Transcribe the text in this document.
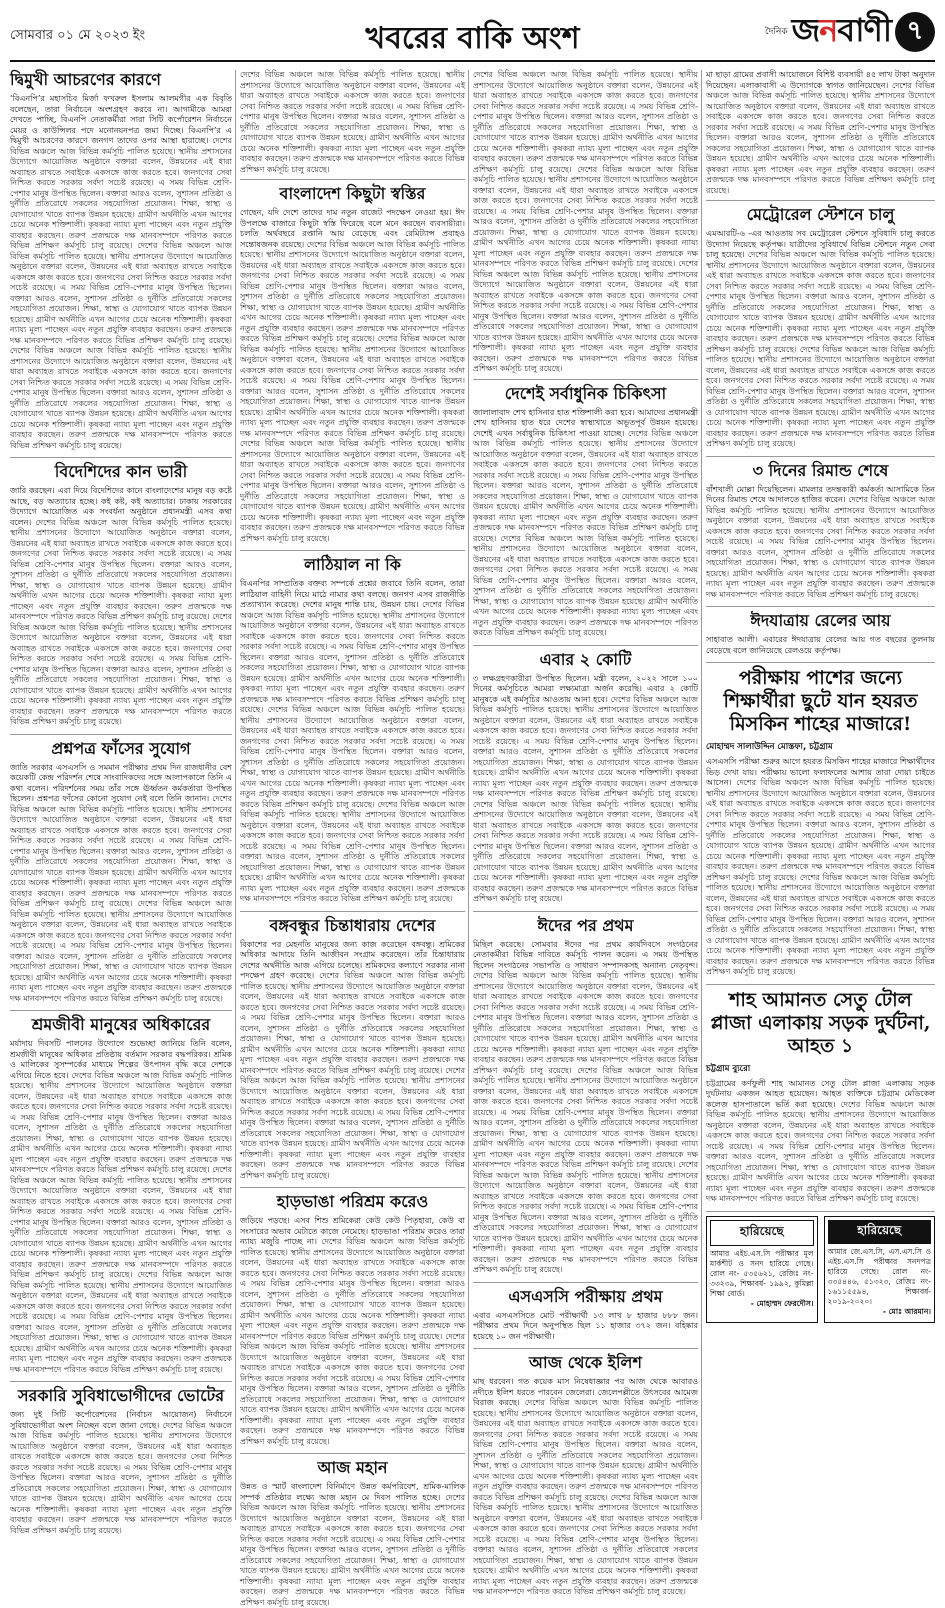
সোমবার ০১ মে ২০২৩ ইং	খবরের বাকি অংশ	দৈনিক জনবাণী ৭
দ্বিমুখী আচরণের কারণে
‘বিএনপি’র মহাসচিব মির্জা ফখরুল ইসলাম আলমগীর এক বিবৃতি বলেছেন, তারা নির্বাচনে অংশগ্রহণ করবে না। আগামীকে আমরা দেখতে পাচ্ছি, বিএনপি নেতাকর্মীরা সারা সিটি কর্পোরেশন নির্বাচনে মেয়র ও কাউন্সিলর পদে মনোনয়নপত্র জমা দিচ্ছে। বিএনপি’র এ দ্বিমুখী আচরণের কারণে জনগণ তাদের ওপর আস্থা হারাচ্ছে। দেশের বিভিন্ন অঞ্চলে আজ বিভিন্ন কর্মসূচি পালিত হয়েছে। স্থানীয় প্রশাসনের উদ্যোগে আয়োজিত অনুষ্ঠানে বক্তারা বলেন, উন্নয়নের এই ধারা অব্যাহত রাখতে সবাইকে একসঙ্গে কাজ করতে হবে। জনগণের সেবা নিশ্চিত করতে সরকার সর্বদা সচেষ্ট রয়েছে। এ সময় বিভিন্ন শ্রেণি-পেশার মানুষ উপস্থিত ছিলেন। বক্তারা আরও বলেন, সুশাসন প্রতিষ্ঠা ও দুর্নীতি প্রতিরোধে সকলের সহযোগিতা প্রয়োজন। শিক্ষা, স্বাস্থ্য ও যোগাযোগ খাতে ব্যাপক উন্নয়ন হয়েছে। গ্রামীণ অর্থনীতি এখন আগের চেয়ে অনেক শক্তিশালী। কৃষকরা ন্যায্য মূল্য পাচ্ছেন এবং নতুন প্রযুক্তি ব্যবহার করছেন। তরুণ প্রজন্মকে দক্ষ মানবসম্পদে পরিণত করতে বিভিন্ন প্রশিক্ষণ কর্মসূচি চালু রয়েছে। দেশের বিভিন্ন অঞ্চলে আজ বিভিন্ন কর্মসূচি পালিত হয়েছে। স্থানীয় প্রশাসনের উদ্যোগে আয়োজিত অনুষ্ঠানে বক্তারা বলেন, উন্নয়নের এই ধারা অব্যাহত রাখতে সবাইকে একসঙ্গে কাজ করতে হবে। জনগণের সেবা নিশ্চিত করতে সরকার সর্বদা সচেষ্ট রয়েছে। এ সময় বিভিন্ন শ্রেণি-পেশার মানুষ উপস্থিত ছিলেন। বক্তারা আরও বলেন, সুশাসন প্রতিষ্ঠা ও দুর্নীতি প্রতিরোধে সকলের সহযোগিতা প্রয়োজন। শিক্ষা, স্বাস্থ্য ও যোগাযোগ খাতে ব্যাপক উন্নয়ন হয়েছে। গ্রামীণ অর্থনীতি এখন আগের চেয়ে অনেক শক্তিশালী। কৃষকরা ন্যায্য মূল্য পাচ্ছেন এবং নতুন প্রযুক্তি ব্যবহার করছেন। তরুণ প্রজন্মকে দক্ষ মানবসম্পদে পরিণত করতে বিভিন্ন প্রশিক্ষণ কর্মসূচি চালু রয়েছে। দেশের বিভিন্ন অঞ্চলে আজ বিভিন্ন কর্মসূচি পালিত হয়েছে। স্থানীয় প্রশাসনের উদ্যোগে আয়োজিত অনুষ্ঠানে বক্তারা বলেন, উন্নয়নের এই ধারা অব্যাহত রাখতে সবাইকে একসঙ্গে কাজ করতে হবে। জনগণের সেবা নিশ্চিত করতে সরকার সর্বদা সচেষ্ট রয়েছে। এ সময় বিভিন্ন শ্রেণি-পেশার মানুষ উপস্থিত ছিলেন। বক্তারা আরও বলেন, সুশাসন প্রতিষ্ঠা ও দুর্নীতি প্রতিরোধে সকলের সহযোগিতা প্রয়োজন। শিক্ষা, স্বাস্থ্য ও যোগাযোগ খাতে ব্যাপক উন্নয়ন হয়েছে। গ্রামীণ অর্থনীতি এখন আগের চেয়ে অনেক শক্তিশালী। কৃষকরা ন্যায্য মূল্য পাচ্ছেন এবং নতুন প্রযুক্তি ব্যবহার করছেন। তরুণ প্রজন্মকে দক্ষ মানবসম্পদে পরিণত করতে বিভিন্ন প্রশিক্ষণ কর্মসূচি চালু রয়েছে।
বিদেশিদের কান ভারী
জারি করছেন। এরা দিয়ে বিদেশিদের কানে বাংলাদেশের মানুষ বড় কষ্টে আছে, বড় অত্যাচার হচ্ছে। কই কষ্ট, কই অত্যাচার। ঢাকায় সরকারের উদ্যোগে আয়োজিত এক সংবর্ধনা অনুষ্ঠানে প্রধানমন্ত্রী এসব কথা বলেন। দেশের বিভিন্ন অঞ্চলে আজ বিভিন্ন কর্মসূচি পালিত হয়েছে। স্থানীয় প্রশাসনের উদ্যোগে আয়োজিত অনুষ্ঠানে বক্তারা বলেন, উন্নয়নের এই ধারা অব্যাহত রাখতে সবাইকে একসঙ্গে কাজ করতে হবে। জনগণের সেবা নিশ্চিত করতে সরকার সর্বদা সচেষ্ট রয়েছে। এ সময় বিভিন্ন শ্রেণি-পেশার মানুষ উপস্থিত ছিলেন। বক্তারা আরও বলেন, সুশাসন প্রতিষ্ঠা ও দুর্নীতি প্রতিরোধে সকলের সহযোগিতা প্রয়োজন। শিক্ষা, স্বাস্থ্য ও যোগাযোগ খাতে ব্যাপক উন্নয়ন হয়েছে। গ্রামীণ অর্থনীতি এখন আগের চেয়ে অনেক শক্তিশালী। কৃষকরা ন্যায্য মূল্য পাচ্ছেন এবং নতুন প্রযুক্তি ব্যবহার করছেন। তরুণ প্রজন্মকে দক্ষ মানবসম্পদে পরিণত করতে বিভিন্ন প্রশিক্ষণ কর্মসূচি চালু রয়েছে। দেশের বিভিন্ন অঞ্চলে আজ বিভিন্ন কর্মসূচি পালিত হয়েছে। স্থানীয় প্রশাসনের উদ্যোগে আয়োজিত অনুষ্ঠানে বক্তারা বলেন, উন্নয়নের এই ধারা অব্যাহত রাখতে সবাইকে একসঙ্গে কাজ করতে হবে। জনগণের সেবা নিশ্চিত করতে সরকার সর্বদা সচেষ্ট রয়েছে। এ সময় বিভিন্ন শ্রেণি-পেশার মানুষ উপস্থিত ছিলেন। বক্তারা আরও বলেন, সুশাসন প্রতিষ্ঠা ও দুর্নীতি প্রতিরোধে সকলের সহযোগিতা প্রয়োজন। শিক্ষা, স্বাস্থ্য ও যোগাযোগ খাতে ব্যাপক উন্নয়ন হয়েছে। গ্রামীণ অর্থনীতি এখন আগের চেয়ে অনেক শক্তিশালী। কৃষকরা ন্যায্য মূল্য পাচ্ছেন এবং নতুন প্রযুক্তি ব্যবহার করছেন। তরুণ প্রজন্মকে দক্ষ মানবসম্পদে পরিণত করতে বিভিন্ন প্রশিক্ষণ কর্মসূচি চালু রয়েছে।
প্রশ্নপত্র ফাঁসের সুযোগ
জাতি সরকার এসএসসি ও সমমান পরীক্ষার প্রথম দিন রাজধানীর বেশ কয়েকটি কেন্দ্র পরিদর্শন শেষে সাংবাদিকদের সঙ্গে আলাপকালে তিনি এ কথা বলেন। পরিদর্শনের সময় তাঁর সঙ্গে ঊর্ধ্বতন কর্মকর্তারা উপস্থিত ছিলেন। প্রশ্নপত্র ফাঁসের কোনো সুযোগ নেই বলে তিনি জানান। দেশের বিভিন্ন অঞ্চলে আজ বিভিন্ন কর্মসূচি পালিত হয়েছে। স্থানীয় প্রশাসনের উদ্যোগে আয়োজিত অনুষ্ঠানে বক্তারা বলেন, উন্নয়নের এই ধারা অব্যাহত রাখতে সবাইকে একসঙ্গে কাজ করতে হবে। জনগণের সেবা নিশ্চিত করতে সরকার সর্বদা সচেষ্ট রয়েছে। এ সময় বিভিন্ন শ্রেণি-পেশার মানুষ উপস্থিত ছিলেন। বক্তারা আরও বলেন, সুশাসন প্রতিষ্ঠা ও দুর্নীতি প্রতিরোধে সকলের সহযোগিতা প্রয়োজন। শিক্ষা, স্বাস্থ্য ও যোগাযোগ খাতে ব্যাপক উন্নয়ন হয়েছে। গ্রামীণ অর্থনীতি এখন আগের চেয়ে অনেক শক্তিশালী। কৃষকরা ন্যায্য মূল্য পাচ্ছেন এবং নতুন প্রযুক্তি ব্যবহার করছেন। তরুণ প্রজন্মকে দক্ষ মানবসম্পদে পরিণত করতে বিভিন্ন প্রশিক্ষণ কর্মসূচি চালু রয়েছে। দেশের বিভিন্ন অঞ্চলে আজ বিভিন্ন কর্মসূচি পালিত হয়েছে। স্থানীয় প্রশাসনের উদ্যোগে আয়োজিত অনুষ্ঠানে বক্তারা বলেন, উন্নয়নের এই ধারা অব্যাহত রাখতে সবাইকে একসঙ্গে কাজ করতে হবে। জনগণের সেবা নিশ্চিত করতে সরকার সর্বদা সচেষ্ট রয়েছে। এ সময় বিভিন্ন শ্রেণি-পেশার মানুষ উপস্থিত ছিলেন। বক্তারা আরও বলেন, সুশাসন প্রতিষ্ঠা ও দুর্নীতি প্রতিরোধে সকলের সহযোগিতা প্রয়োজন। শিক্ষা, স্বাস্থ্য ও যোগাযোগ খাতে ব্যাপক উন্নয়ন হয়েছে। গ্রামীণ অর্থনীতি এখন আগের চেয়ে অনেক শক্তিশালী। কৃষকরা ন্যায্য মূল্য পাচ্ছেন এবং নতুন প্রযুক্তি ব্যবহার করছেন। তরুণ প্রজন্মকে দক্ষ মানবসম্পদে পরিণত করতে বিভিন্ন প্রশিক্ষণ কর্মসূচি চালু রয়েছে।
শ্রমজীবী মানুষের অধিকারের
মর্যাদায় দিবসটি পালনের উদ্যোগে শুভেচ্ছা জানিয়ে তিনি বলেন, শ্রমজীবী মানুষের অধিকার প্রতিষ্ঠায় বর্তমান সরকার বদ্ধপরিকর। শ্রমিক ও মালিকের সুসম্পর্কের মাধ্যমে শিল্পের উৎপাদন বৃদ্ধি করে দেশকে এগিয়ে নিতে হবে। দেশের বিভিন্ন অঞ্চলে আজ বিভিন্ন কর্মসূচি পালিত হয়েছে। স্থানীয় প্রশাসনের উদ্যোগে আয়োজিত অনুষ্ঠানে বক্তারা বলেন, উন্নয়নের এই ধারা অব্যাহত রাখতে সবাইকে একসঙ্গে কাজ করতে হবে। জনগণের সেবা নিশ্চিত করতে সরকার সর্বদা সচেষ্ট রয়েছে। এ সময় বিভিন্ন শ্রেণি-পেশার মানুষ উপস্থিত ছিলেন। বক্তারা আরও বলেন, সুশাসন প্রতিষ্ঠা ও দুর্নীতি প্রতিরোধে সকলের সহযোগিতা প্রয়োজন। শিক্ষা, স্বাস্থ্য ও যোগাযোগ খাতে ব্যাপক উন্নয়ন হয়েছে। গ্রামীণ অর্থনীতি এখন আগের চেয়ে অনেক শক্তিশালী। কৃষকরা ন্যায্য মূল্য পাচ্ছেন এবং নতুন প্রযুক্তি ব্যবহার করছেন। তরুণ প্রজন্মকে দক্ষ মানবসম্পদে পরিণত করতে বিভিন্ন প্রশিক্ষণ কর্মসূচি চালু রয়েছে। দেশের বিভিন্ন অঞ্চলে আজ বিভিন্ন কর্মসূচি পালিত হয়েছে। স্থানীয় প্রশাসনের উদ্যোগে আয়োজিত অনুষ্ঠানে বক্তারা বলেন, উন্নয়নের এই ধারা অব্যাহত রাখতে সবাইকে একসঙ্গে কাজ করতে হবে। জনগণের সেবা নিশ্চিত করতে সরকার সর্বদা সচেষ্ট রয়েছে। এ সময় বিভিন্ন শ্রেণি-পেশার মানুষ উপস্থিত ছিলেন। বক্তারা আরও বলেন, সুশাসন প্রতিষ্ঠা ও দুর্নীতি প্রতিরোধে সকলের সহযোগিতা প্রয়োজন। শিক্ষা, স্বাস্থ্য ও যোগাযোগ খাতে ব্যাপক উন্নয়ন হয়েছে। গ্রামীণ অর্থনীতি এখন আগের চেয়ে অনেক শক্তিশালী। কৃষকরা ন্যায্য মূল্য পাচ্ছেন এবং নতুন প্রযুক্তি ব্যবহার করছেন। তরুণ প্রজন্মকে দক্ষ মানবসম্পদে পরিণত করতে বিভিন্ন প্রশিক্ষণ কর্মসূচি চালু রয়েছে। দেশের বিভিন্ন অঞ্চলে আজ বিভিন্ন কর্মসূচি পালিত হয়েছে। স্থানীয় প্রশাসনের উদ্যোগে আয়োজিত অনুষ্ঠানে বক্তারা বলেন, উন্নয়নের এই ধারা অব্যাহত রাখতে সবাইকে একসঙ্গে কাজ করতে হবে। জনগণের সেবা নিশ্চিত করতে সরকার সর্বদা সচেষ্ট রয়েছে। এ সময় বিভিন্ন শ্রেণি-পেশার মানুষ উপস্থিত ছিলেন। বক্তারা আরও বলেন, সুশাসন প্রতিষ্ঠা ও দুর্নীতি প্রতিরোধে সকলের সহযোগিতা প্রয়োজন। শিক্ষা, স্বাস্থ্য ও যোগাযোগ খাতে ব্যাপক উন্নয়ন হয়েছে। গ্রামীণ অর্থনীতি এখন আগের চেয়ে অনেক শক্তিশালী। কৃষকরা ন্যায্য মূল্য পাচ্ছেন এবং নতুন প্রযুক্তি ব্যবহার করছেন। তরুণ প্রজন্মকে দক্ষ মানবসম্পদে পরিণত করতে বিভিন্ন প্রশিক্ষণ কর্মসূচি চালু রয়েছে।
সরকারি সুবিধাভোগীদের ভোটের
জন্য দুই সিটি কর্পোরেশনের (নির্বাচন আয়োজন) নির্বাচনে সুবিধাভোগীরা অংশ নিচ্ছেন বলে জানা গেছে। দেশের বিভিন্ন অঞ্চলে আজ বিভিন্ন কর্মসূচি পালিত হয়েছে। স্থানীয় প্রশাসনের উদ্যোগে আয়োজিত অনুষ্ঠানে বক্তারা বলেন, উন্নয়নের এই ধারা অব্যাহত রাখতে সবাইকে একসঙ্গে কাজ করতে হবে। জনগণের সেবা নিশ্চিত করতে সরকার সর্বদা সচেষ্ট রয়েছে। এ সময় বিভিন্ন শ্রেণি-পেশার মানুষ উপস্থিত ছিলেন। বক্তারা আরও বলেন, সুশাসন প্রতিষ্ঠা ও দুর্নীতি প্রতিরোধে সকলের সহযোগিতা প্রয়োজন। শিক্ষা, স্বাস্থ্য ও যোগাযোগ খাতে ব্যাপক উন্নয়ন হয়েছে। গ্রামীণ অর্থনীতি এখন আগের চেয়ে অনেক শক্তিশালী। কৃষকরা ন্যায্য মূল্য পাচ্ছেন এবং নতুন প্রযুক্তি ব্যবহার করছেন। তরুণ প্রজন্মকে দক্ষ মানবসম্পদে পরিণত করতে বিভিন্ন প্রশিক্ষণ কর্মসূচি চালু রয়েছে।
দেশের বিভিন্ন অঞ্চলে আজ বিভিন্ন কর্মসূচি পালিত হয়েছে। স্থানীয় প্রশাসনের উদ্যোগে আয়োজিত অনুষ্ঠানে বক্তারা বলেন, উন্নয়নের এই ধারা অব্যাহত রাখতে সবাইকে একসঙ্গে কাজ করতে হবে। জনগণের সেবা নিশ্চিত করতে সরকার সর্বদা সচেষ্ট রয়েছে। এ সময় বিভিন্ন শ্রেণি-পেশার মানুষ উপস্থিত ছিলেন। বক্তারা আরও বলেন, সুশাসন প্রতিষ্ঠা ও দুর্নীতি প্রতিরোধে সকলের সহযোগিতা প্রয়োজন। শিক্ষা, স্বাস্থ্য ও যোগাযোগ খাতে ব্যাপক উন্নয়ন হয়েছে। গ্রামীণ অর্থনীতি এখন আগের চেয়ে অনেক শক্তিশালী। কৃষকরা ন্যায্য মূল্য পাচ্ছেন এবং নতুন প্রযুক্তি ব্যবহার করছেন। তরুণ প্রজন্মকে দক্ষ মানবসম্পদে পরিণত করতে বিভিন্ন প্রশিক্ষণ কর্মসূচি চালু রয়েছে।
বাংলাদেশ কিছুটা স্বস্তির
গেছেন, যদি দেশে তাদের দাম নতুন বাজেট পদক্ষেপ নেওয়া হয়। ঈদ উপলক্ষে বাজারে কিছুটা স্বস্তি ফিরেছে বলে মনে করছেন ব্যবসায়ীরা। চলতি অর্থবছরে রপ্তানি আয় বেড়েছে এবং রেমিট্যান্স প্রবাহও সন্তোষজনক রয়েছে। দেশের বিভিন্ন অঞ্চলে আজ বিভিন্ন কর্মসূচি পালিত হয়েছে। স্থানীয় প্রশাসনের উদ্যোগে আয়োজিত অনুষ্ঠানে বক্তারা বলেন, উন্নয়নের এই ধারা অব্যাহত রাখতে সবাইকে একসঙ্গে কাজ করতে হবে। জনগণের সেবা নিশ্চিত করতে সরকার সর্বদা সচেষ্ট রয়েছে। এ সময় বিভিন্ন শ্রেণি-পেশার মানুষ উপস্থিত ছিলেন। বক্তারা আরও বলেন, সুশাসন প্রতিষ্ঠা ও দুর্নীতি প্রতিরোধে সকলের সহযোগিতা প্রয়োজন। শিক্ষা, স্বাস্থ্য ও যোগাযোগ খাতে ব্যাপক উন্নয়ন হয়েছে। গ্রামীণ অর্থনীতি এখন আগের চেয়ে অনেক শক্তিশালী। কৃষকরা ন্যায্য মূল্য পাচ্ছেন এবং নতুন প্রযুক্তি ব্যবহার করছেন। তরুণ প্রজন্মকে দক্ষ মানবসম্পদে পরিণত করতে বিভিন্ন প্রশিক্ষণ কর্মসূচি চালু রয়েছে। দেশের বিভিন্ন অঞ্চলে আজ বিভিন্ন কর্মসূচি পালিত হয়েছে। স্থানীয় প্রশাসনের উদ্যোগে আয়োজিত অনুষ্ঠানে বক্তারা বলেন, উন্নয়নের এই ধারা অব্যাহত রাখতে সবাইকে একসঙ্গে কাজ করতে হবে। জনগণের সেবা নিশ্চিত করতে সরকার সর্বদা সচেষ্ট রয়েছে। এ সময় বিভিন্ন শ্রেণি-পেশার মানুষ উপস্থিত ছিলেন। বক্তারা আরও বলেন, সুশাসন প্রতিষ্ঠা ও দুর্নীতি প্রতিরোধে সকলের সহযোগিতা প্রয়োজন। শিক্ষা, স্বাস্থ্য ও যোগাযোগ খাতে ব্যাপক উন্নয়ন হয়েছে। গ্রামীণ অর্থনীতি এখন আগের চেয়ে অনেক শক্তিশালী। কৃষকরা ন্যায্য মূল্য পাচ্ছেন এবং নতুন প্রযুক্তি ব্যবহার করছেন। তরুণ প্রজন্মকে দক্ষ মানবসম্পদে পরিণত করতে বিভিন্ন প্রশিক্ষণ কর্মসূচি চালু রয়েছে। দেশের বিভিন্ন অঞ্চলে আজ বিভিন্ন কর্মসূচি পালিত হয়েছে। স্থানীয় প্রশাসনের উদ্যোগে আয়োজিত অনুষ্ঠানে বক্তারা বলেন, উন্নয়নের এই ধারা অব্যাহত রাখতে সবাইকে একসঙ্গে কাজ করতে হবে। জনগণের সেবা নিশ্চিত করতে সরকার সর্বদা সচেষ্ট রয়েছে। এ সময় বিভিন্ন শ্রেণি-পেশার মানুষ উপস্থিত ছিলেন। বক্তারা আরও বলেন, সুশাসন প্রতিষ্ঠা ও দুর্নীতি প্রতিরোধে সকলের সহযোগিতা প্রয়োজন। শিক্ষা, স্বাস্থ্য ও যোগাযোগ খাতে ব্যাপক উন্নয়ন হয়েছে। গ্রামীণ অর্থনীতি এখন আগের চেয়ে অনেক শক্তিশালী। কৃষকরা ন্যায্য মূল্য পাচ্ছেন এবং নতুন প্রযুক্তি ব্যবহার করছেন। তরুণ প্রজন্মকে দক্ষ মানবসম্পদে পরিণত করতে বিভিন্ন প্রশিক্ষণ কর্মসূচি চালু রয়েছে।
লাঠিয়াল না কি
বিএনপির সাম্প্রতিক বক্তব্য সম্পর্কে প্রশ্নের জবাবে তিনি বলেন, তারা লাঠিয়াল বাহিনী নিয়ে মাঠে নামার কথা বলছে। জনগণ এসব রাজনীতি প্রত্যাখ্যান করেছে। দেশের মানুষ শান্তি চায়, উন্নয়ন চায়। দেশের বিভিন্ন অঞ্চলে আজ বিভিন্ন কর্মসূচি পালিত হয়েছে। স্থানীয় প্রশাসনের উদ্যোগে আয়োজিত অনুষ্ঠানে বক্তারা বলেন, উন্নয়নের এই ধারা অব্যাহত রাখতে সবাইকে একসঙ্গে কাজ করতে হবে। জনগণের সেবা নিশ্চিত করতে সরকার সর্বদা সচেষ্ট রয়েছে। এ সময় বিভিন্ন শ্রেণি-পেশার মানুষ উপস্থিত ছিলেন। বক্তারা আরও বলেন, সুশাসন প্রতিষ্ঠা ও দুর্নীতি প্রতিরোধে সকলের সহযোগিতা প্রয়োজন। শিক্ষা, স্বাস্থ্য ও যোগাযোগ খাতে ব্যাপক উন্নয়ন হয়েছে। গ্রামীণ অর্থনীতি এখন আগের চেয়ে অনেক শক্তিশালী। কৃষকরা ন্যায্য মূল্য পাচ্ছেন এবং নতুন প্রযুক্তি ব্যবহার করছেন। তরুণ প্রজন্মকে দক্ষ মানবসম্পদে পরিণত করতে বিভিন্ন প্রশিক্ষণ কর্মসূচি চালু রয়েছে। দেশের বিভিন্ন অঞ্চলে আজ বিভিন্ন কর্মসূচি পালিত হয়েছে। স্থানীয় প্রশাসনের উদ্যোগে আয়োজিত অনুষ্ঠানে বক্তারা বলেন, উন্নয়নের এই ধারা অব্যাহত রাখতে সবাইকে একসঙ্গে কাজ করতে হবে। জনগণের সেবা নিশ্চিত করতে সরকার সর্বদা সচেষ্ট রয়েছে। এ সময় বিভিন্ন শ্রেণি-পেশার মানুষ উপস্থিত ছিলেন। বক্তারা আরও বলেন, সুশাসন প্রতিষ্ঠা ও দুর্নীতি প্রতিরোধে সকলের সহযোগিতা প্রয়োজন। শিক্ষা, স্বাস্থ্য ও যোগাযোগ খাতে ব্যাপক উন্নয়ন হয়েছে। গ্রামীণ অর্থনীতি এখন আগের চেয়ে অনেক শক্তিশালী। কৃষকরা ন্যায্য মূল্য পাচ্ছেন এবং নতুন প্রযুক্তি ব্যবহার করছেন। তরুণ প্রজন্মকে দক্ষ মানবসম্পদে পরিণত করতে বিভিন্ন প্রশিক্ষণ কর্মসূচি চালু রয়েছে। দেশের বিভিন্ন অঞ্চলে আজ বিভিন্ন কর্মসূচি পালিত হয়েছে। স্থানীয় প্রশাসনের উদ্যোগে আয়োজিত অনুষ্ঠানে বক্তারা বলেন, উন্নয়নের এই ধারা অব্যাহত রাখতে সবাইকে একসঙ্গে কাজ করতে হবে। জনগণের সেবা নিশ্চিত করতে সরকার সর্বদা সচেষ্ট রয়েছে। এ সময় বিভিন্ন শ্রেণি-পেশার মানুষ উপস্থিত ছিলেন। বক্তারা আরও বলেন, সুশাসন প্রতিষ্ঠা ও দুর্নীতি প্রতিরোধে সকলের সহযোগিতা প্রয়োজন। শিক্ষা, স্বাস্থ্য ও যোগাযোগ খাতে ব্যাপক উন্নয়ন হয়েছে। গ্রামীণ অর্থনীতি এখন আগের চেয়ে অনেক শক্তিশালী। কৃষকরা ন্যায্য মূল্য পাচ্ছেন এবং নতুন প্রযুক্তি ব্যবহার করছেন। তরুণ প্রজন্মকে দক্ষ মানবসম্পদে পরিণত করতে বিভিন্ন প্রশিক্ষণ কর্মসূচি চালু রয়েছে।
বঙ্গবন্ধুর চিন্তাধারায় দেশের
বিকাশের পর মেহনতি মানুষের জন্য কাজ করেছেন বঙ্গবন্ধু। শ্রমিকের অধিকার আদায়ে তিনি আজীবন সংগ্রাম করেছেন। তাঁর চিন্তাধারায় দেশের অর্থনীতি আজ এগিয়ে চলেছে। শ্রমিকদের কল্যাণে সরকার নানা পদক্ষেপ গ্রহণ করেছে। দেশের বিভিন্ন অঞ্চলে আজ বিভিন্ন কর্মসূচি পালিত হয়েছে। স্থানীয় প্রশাসনের উদ্যোগে আয়োজিত অনুষ্ঠানে বক্তারা বলেন, উন্নয়নের এই ধারা অব্যাহত রাখতে সবাইকে একসঙ্গে কাজ করতে হবে। জনগণের সেবা নিশ্চিত করতে সরকার সর্বদা সচেষ্ট রয়েছে। এ সময় বিভিন্ন শ্রেণি-পেশার মানুষ উপস্থিত ছিলেন। বক্তারা আরও বলেন, সুশাসন প্রতিষ্ঠা ও দুর্নীতি প্রতিরোধে সকলের সহযোগিতা প্রয়োজন। শিক্ষা, স্বাস্থ্য ও যোগাযোগ খাতে ব্যাপক উন্নয়ন হয়েছে। গ্রামীণ অর্থনীতি এখন আগের চেয়ে অনেক শক্তিশালী। কৃষকরা ন্যায্য মূল্য পাচ্ছেন এবং নতুন প্রযুক্তি ব্যবহার করছেন। তরুণ প্রজন্মকে দক্ষ মানবসম্পদে পরিণত করতে বিভিন্ন প্রশিক্ষণ কর্মসূচি চালু রয়েছে। দেশের বিভিন্ন অঞ্চলে আজ বিভিন্ন কর্মসূচি পালিত হয়েছে। স্থানীয় প্রশাসনের উদ্যোগে আয়োজিত অনুষ্ঠানে বক্তারা বলেন, উন্নয়নের এই ধারা অব্যাহত রাখতে সবাইকে একসঙ্গে কাজ করতে হবে। জনগণের সেবা নিশ্চিত করতে সরকার সর্বদা সচেষ্ট রয়েছে। এ সময় বিভিন্ন শ্রেণি-পেশার মানুষ উপস্থিত ছিলেন। বক্তারা আরও বলেন, সুশাসন প্রতিষ্ঠা ও দুর্নীতি প্রতিরোধে সকলের সহযোগিতা প্রয়োজন। শিক্ষা, স্বাস্থ্য ও যোগাযোগ খাতে ব্যাপক উন্নয়ন হয়েছে। গ্রামীণ অর্থনীতি এখন আগের চেয়ে অনেক শক্তিশালী। কৃষকরা ন্যায্য মূল্য পাচ্ছেন এবং নতুন প্রযুক্তি ব্যবহার করছেন। তরুণ প্রজন্মকে দক্ষ মানবসম্পদে পরিণত করতে বিভিন্ন প্রশিক্ষণ কর্মসূচি চালু রয়েছে।
হাড়ভাঙা পরিশ্রম করেও
জড়িয়ে পড়ছে। এসব শিশু শ্রমিকেরা কেউ কেউ পিতৃহারা, কেউ বা সংসারের অভাব মেটাতে কাজে নেমেছে। হাড়ভাঙা পরিশ্রম করেও তারা ন্যায্য মজুরি পাচ্ছে না। দেশের বিভিন্ন অঞ্চলে আজ বিভিন্ন কর্মসূচি পালিত হয়েছে। স্থানীয় প্রশাসনের উদ্যোগে আয়োজিত অনুষ্ঠানে বক্তারা বলেন, উন্নয়নের এই ধারা অব্যাহত রাখতে সবাইকে একসঙ্গে কাজ করতে হবে। জনগণের সেবা নিশ্চিত করতে সরকার সর্বদা সচেষ্ট রয়েছে। এ সময় বিভিন্ন শ্রেণি-পেশার মানুষ উপস্থিত ছিলেন। বক্তারা আরও বলেন, সুশাসন প্রতিষ্ঠা ও দুর্নীতি প্রতিরোধে সকলের সহযোগিতা প্রয়োজন। শিক্ষা, স্বাস্থ্য ও যোগাযোগ খাতে ব্যাপক উন্নয়ন হয়েছে। গ্রামীণ অর্থনীতি এখন আগের চেয়ে অনেক শক্তিশালী। কৃষকরা ন্যায্য মূল্য পাচ্ছেন এবং নতুন প্রযুক্তি ব্যবহার করছেন। তরুণ প্রজন্মকে দক্ষ মানবসম্পদে পরিণত করতে বিভিন্ন প্রশিক্ষণ কর্মসূচি চালু রয়েছে। দেশের বিভিন্ন অঞ্চলে আজ বিভিন্ন কর্মসূচি পালিত হয়েছে। স্থানীয় প্রশাসনের উদ্যোগে আয়োজিত অনুষ্ঠানে বক্তারা বলেন, উন্নয়নের এই ধারা অব্যাহত রাখতে সবাইকে একসঙ্গে কাজ করতে হবে। জনগণের সেবা নিশ্চিত করতে সরকার সর্বদা সচেষ্ট রয়েছে। এ সময় বিভিন্ন শ্রেণি-পেশার মানুষ উপস্থিত ছিলেন। বক্তারা আরও বলেন, সুশাসন প্রতিষ্ঠা ও দুর্নীতি প্রতিরোধে সকলের সহযোগিতা প্রয়োজন। শিক্ষা, স্বাস্থ্য ও যোগাযোগ খাতে ব্যাপক উন্নয়ন হয়েছে। গ্রামীণ অর্থনীতি এখন আগের চেয়ে অনেক শক্তিশালী। কৃষকরা ন্যায্য মূল্য পাচ্ছেন এবং নতুন প্রযুক্তি ব্যবহার করছেন। তরুণ প্রজন্মকে দক্ষ মানবসম্পদে পরিণত করতে বিভিন্ন প্রশিক্ষণ কর্মসূচি চালু রয়েছে।
আজ মহান
উন্নত ও স্মার্ট বাংলাদেশ বিনির্মাণে উন্নত কর্মপরিবেশ, শ্রমিক-মালিক সম্পর্ক প্রতিষ্ঠার লক্ষ্যে আজ মহান মে দিবস পালিত হচ্ছে। দেশের বিভিন্ন অঞ্চলে আজ বিভিন্ন কর্মসূচি পালিত হয়েছে। স্থানীয় প্রশাসনের উদ্যোগে আয়োজিত অনুষ্ঠানে বক্তারা বলেন, উন্নয়নের এই ধারা অব্যাহত রাখতে সবাইকে একসঙ্গে কাজ করতে হবে। জনগণের সেবা নিশ্চিত করতে সরকার সর্বদা সচেষ্ট রয়েছে। এ সময় বিভিন্ন শ্রেণি-পেশার মানুষ উপস্থিত ছিলেন। বক্তারা আরও বলেন, সুশাসন প্রতিষ্ঠা ও দুর্নীতি প্রতিরোধে সকলের সহযোগিতা প্রয়োজন। শিক্ষা, স্বাস্থ্য ও যোগাযোগ খাতে ব্যাপক উন্নয়ন হয়েছে। গ্রামীণ অর্থনীতি এখন আগের চেয়ে অনেক শক্তিশালী। কৃষকরা ন্যায্য মূল্য পাচ্ছেন এবং নতুন প্রযুক্তি ব্যবহার করছেন। তরুণ প্রজন্মকে দক্ষ মানবসম্পদে পরিণত করতে বিভিন্ন প্রশিক্ষণ কর্মসূচি চালু রয়েছে।
দেশের বিভিন্ন অঞ্চলে আজ বিভিন্ন কর্মসূচি পালিত হয়েছে। স্থানীয় প্রশাসনের উদ্যোগে আয়োজিত অনুষ্ঠানে বক্তারা বলেন, উন্নয়নের এই ধারা অব্যাহত রাখতে সবাইকে একসঙ্গে কাজ করতে হবে। জনগণের সেবা নিশ্চিত করতে সরকার সর্বদা সচেষ্ট রয়েছে। এ সময় বিভিন্ন শ্রেণি-পেশার মানুষ উপস্থিত ছিলেন। বক্তারা আরও বলেন, সুশাসন প্রতিষ্ঠা ও দুর্নীতি প্রতিরোধে সকলের সহযোগিতা প্রয়োজন। শিক্ষা, স্বাস্থ্য ও যোগাযোগ খাতে ব্যাপক উন্নয়ন হয়েছে। গ্রামীণ অর্থনীতি এখন আগের চেয়ে অনেক শক্তিশালী। কৃষকরা ন্যায্য মূল্য পাচ্ছেন এবং নতুন প্রযুক্তি ব্যবহার করছেন। তরুণ প্রজন্মকে দক্ষ মানবসম্পদে পরিণত করতে বিভিন্ন প্রশিক্ষণ কর্মসূচি চালু রয়েছে। দেশের বিভিন্ন অঞ্চলে আজ বিভিন্ন কর্মসূচি পালিত হয়েছে। স্থানীয় প্রশাসনের উদ্যোগে আয়োজিত অনুষ্ঠানে বক্তারা বলেন, উন্নয়নের এই ধারা অব্যাহত রাখতে সবাইকে একসঙ্গে কাজ করতে হবে। জনগণের সেবা নিশ্চিত করতে সরকার সর্বদা সচেষ্ট রয়েছে। এ সময় বিভিন্ন শ্রেণি-পেশার মানুষ উপস্থিত ছিলেন। বক্তারা আরও বলেন, সুশাসন প্রতিষ্ঠা ও দুর্নীতি প্রতিরোধে সকলের সহযোগিতা প্রয়োজন। শিক্ষা, স্বাস্থ্য ও যোগাযোগ খাতে ব্যাপক উন্নয়ন হয়েছে। গ্রামীণ অর্থনীতি এখন আগের চেয়ে অনেক শক্তিশালী। কৃষকরা ন্যায্য মূল্য পাচ্ছেন এবং নতুন প্রযুক্তি ব্যবহার করছেন। তরুণ প্রজন্মকে দক্ষ মানবসম্পদে পরিণত করতে বিভিন্ন প্রশিক্ষণ কর্মসূচি চালু রয়েছে। দেশের বিভিন্ন অঞ্চলে আজ বিভিন্ন কর্মসূচি পালিত হয়েছে। স্থানীয় প্রশাসনের উদ্যোগে আয়োজিত অনুষ্ঠানে বক্তারা বলেন, উন্নয়নের এই ধারা অব্যাহত রাখতে সবাইকে একসঙ্গে কাজ করতে হবে। জনগণের সেবা নিশ্চিত করতে সরকার সর্বদা সচেষ্ট রয়েছে। এ সময় বিভিন্ন শ্রেণি-পেশার মানুষ উপস্থিত ছিলেন। বক্তারা আরও বলেন, সুশাসন প্রতিষ্ঠা ও দুর্নীতি প্রতিরোধে সকলের সহযোগিতা প্রয়োজন। শিক্ষা, স্বাস্থ্য ও যোগাযোগ খাতে ব্যাপক উন্নয়ন হয়েছে। গ্রামীণ অর্থনীতি এখন আগের চেয়ে অনেক শক্তিশালী। কৃষকরা ন্যায্য মূল্য পাচ্ছেন এবং নতুন প্রযুক্তি ব্যবহার করছেন। তরুণ প্রজন্মকে দক্ষ মানবসম্পদে পরিণত করতে বিভিন্ন প্রশিক্ষণ কর্মসূচি চালু রয়েছে।
দেশেই সর্বাধুনিক চিকিৎসা
জালালাবাদ শেখ হাসিনার হাত শক্তিশালী করা হবে। আমাদের প্রধানমন্ত্রী শেখ হাসিনার হাত ধরে দেশের স্বাস্থ্যখাতে অভূতপূর্ব উন্নয়ন হয়েছে। দেশেই এখন সর্বাধুনিক চিকিৎসা পাওয়া যাচ্ছে। দেশের বিভিন্ন অঞ্চলে আজ বিভিন্ন কর্মসূচি পালিত হয়েছে। স্থানীয় প্রশাসনের উদ্যোগে আয়োজিত অনুষ্ঠানে বক্তারা বলেন, উন্নয়নের এই ধারা অব্যাহত রাখতে সবাইকে একসঙ্গে কাজ করতে হবে। জনগণের সেবা নিশ্চিত করতে সরকার সর্বদা সচেষ্ট রয়েছে। এ সময় বিভিন্ন শ্রেণি-পেশার মানুষ উপস্থিত ছিলেন। বক্তারা আরও বলেন, সুশাসন প্রতিষ্ঠা ও দুর্নীতি প্রতিরোধে সকলের সহযোগিতা প্রয়োজন। শিক্ষা, স্বাস্থ্য ও যোগাযোগ খাতে ব্যাপক উন্নয়ন হয়েছে। গ্রামীণ অর্থনীতি এখন আগের চেয়ে অনেক শক্তিশালী। কৃষকরা ন্যায্য মূল্য পাচ্ছেন এবং নতুন প্রযুক্তি ব্যবহার করছেন। তরুণ প্রজন্মকে দক্ষ মানবসম্পদে পরিণত করতে বিভিন্ন প্রশিক্ষণ কর্মসূচি চালু রয়েছে। দেশের বিভিন্ন অঞ্চলে আজ বিভিন্ন কর্মসূচি পালিত হয়েছে। স্থানীয় প্রশাসনের উদ্যোগে আয়োজিত অনুষ্ঠানে বক্তারা বলেন, উন্নয়নের এই ধারা অব্যাহত রাখতে সবাইকে একসঙ্গে কাজ করতে হবে। জনগণের সেবা নিশ্চিত করতে সরকার সর্বদা সচেষ্ট রয়েছে। এ সময় বিভিন্ন শ্রেণি-পেশার মানুষ উপস্থিত ছিলেন। বক্তারা আরও বলেন, সুশাসন প্রতিষ্ঠা ও দুর্নীতি প্রতিরোধে সকলের সহযোগিতা প্রয়োজন। শিক্ষা, স্বাস্থ্য ও যোগাযোগ খাতে ব্যাপক উন্নয়ন হয়েছে। গ্রামীণ অর্থনীতি এখন আগের চেয়ে অনেক শক্তিশালী। কৃষকরা ন্যায্য মূল্য পাচ্ছেন এবং নতুন প্রযুক্তি ব্যবহার করছেন। তরুণ প্রজন্মকে দক্ষ মানবসম্পদে পরিণত করতে বিভিন্ন প্রশিক্ষণ কর্মসূচি চালু রয়েছে।
এবার ২ কোটি
৩ লক্ষগ্রহণকারীরা উপস্থিত ছিলেন। মন্ত্রী বলেন, ২০২২ সালে ১০০ দিনের কর্মসূচিতে আমরা লক্ষ্যমাত্রা অর্জন করেছি। এবার ২ কোটি মানুষকে এই কর্মসূচির আওতায় আনা হবে। দেশের বিভিন্ন অঞ্চলে আজ বিভিন্ন কর্মসূচি পালিত হয়েছে। স্থানীয় প্রশাসনের উদ্যোগে আয়োজিত অনুষ্ঠানে বক্তারা বলেন, উন্নয়নের এই ধারা অব্যাহত রাখতে সবাইকে একসঙ্গে কাজ করতে হবে। জনগণের সেবা নিশ্চিত করতে সরকার সর্বদা সচেষ্ট রয়েছে। এ সময় বিভিন্ন শ্রেণি-পেশার মানুষ উপস্থিত ছিলেন। বক্তারা আরও বলেন, সুশাসন প্রতিষ্ঠা ও দুর্নীতি প্রতিরোধে সকলের সহযোগিতা প্রয়োজন। শিক্ষা, স্বাস্থ্য ও যোগাযোগ খাতে ব্যাপক উন্নয়ন হয়েছে। গ্রামীণ অর্থনীতি এখন আগের চেয়ে অনেক শক্তিশালী। কৃষকরা ন্যায্য মূল্য পাচ্ছেন এবং নতুন প্রযুক্তি ব্যবহার করছেন। তরুণ প্রজন্মকে দক্ষ মানবসম্পদে পরিণত করতে বিভিন্ন প্রশিক্ষণ কর্মসূচি চালু রয়েছে। দেশের বিভিন্ন অঞ্চলে আজ বিভিন্ন কর্মসূচি পালিত হয়েছে। স্থানীয় প্রশাসনের উদ্যোগে আয়োজিত অনুষ্ঠানে বক্তারা বলেন, উন্নয়নের এই ধারা অব্যাহত রাখতে সবাইকে একসঙ্গে কাজ করতে হবে। জনগণের সেবা নিশ্চিত করতে সরকার সর্বদা সচেষ্ট রয়েছে। এ সময় বিভিন্ন শ্রেণি-পেশার মানুষ উপস্থিত ছিলেন। বক্তারা আরও বলেন, সুশাসন প্রতিষ্ঠা ও দুর্নীতি প্রতিরোধে সকলের সহযোগিতা প্রয়োজন। শিক্ষা, স্বাস্থ্য ও যোগাযোগ খাতে ব্যাপক উন্নয়ন হয়েছে। গ্রামীণ অর্থনীতি এখন আগের চেয়ে অনেক শক্তিশালী। কৃষকরা ন্যায্য মূল্য পাচ্ছেন এবং নতুন প্রযুক্তি ব্যবহার করছেন। তরুণ প্রজন্মকে দক্ষ মানবসম্পদে পরিণত করতে বিভিন্ন প্রশিক্ষণ কর্মসূচি চালু রয়েছে।
ঈদের পর প্রথম
মিছিল করেছে। সোমবার ঈদের পর প্রথম কার্যদিবসে সংগঠনের নেতাকর্মীরা বিভিন্ন দাবিতে কর্মসূচি পালন করেন। এ সময় উপস্থিত ছিলেন সংগঠনের সভাপতি ও সাধারণ সম্পাদকসহ অন্যান্য নেতৃবৃন্দ। দেশের বিভিন্ন অঞ্চলে আজ বিভিন্ন কর্মসূচি পালিত হয়েছে। স্থানীয় প্রশাসনের উদ্যোগে আয়োজিত অনুষ্ঠানে বক্তারা বলেন, উন্নয়নের এই ধারা অব্যাহত রাখতে সবাইকে একসঙ্গে কাজ করতে হবে। জনগণের সেবা নিশ্চিত করতে সরকার সর্বদা সচেষ্ট রয়েছে। এ সময় বিভিন্ন শ্রেণি-পেশার মানুষ উপস্থিত ছিলেন। বক্তারা আরও বলেন, সুশাসন প্রতিষ্ঠা ও দুর্নীতি প্রতিরোধে সকলের সহযোগিতা প্রয়োজন। শিক্ষা, স্বাস্থ্য ও যোগাযোগ খাতে ব্যাপক উন্নয়ন হয়েছে। গ্রামীণ অর্থনীতি এখন আগের চেয়ে অনেক শক্তিশালী। কৃষকরা ন্যায্য মূল্য পাচ্ছেন এবং নতুন প্রযুক্তি ব্যবহার করছেন। তরুণ প্রজন্মকে দক্ষ মানবসম্পদে পরিণত করতে বিভিন্ন প্রশিক্ষণ কর্মসূচি চালু রয়েছে। দেশের বিভিন্ন অঞ্চলে আজ বিভিন্ন কর্মসূচি পালিত হয়েছে। স্থানীয় প্রশাসনের উদ্যোগে আয়োজিত অনুষ্ঠানে বক্তারা বলেন, উন্নয়নের এই ধারা অব্যাহত রাখতে সবাইকে একসঙ্গে কাজ করতে হবে। জনগণের সেবা নিশ্চিত করতে সরকার সর্বদা সচেষ্ট রয়েছে। এ সময় বিভিন্ন শ্রেণি-পেশার মানুষ উপস্থিত ছিলেন। বক্তারা আরও বলেন, সুশাসন প্রতিষ্ঠা ও দুর্নীতি প্রতিরোধে সকলের সহযোগিতা প্রয়োজন। শিক্ষা, স্বাস্থ্য ও যোগাযোগ খাতে ব্যাপক উন্নয়ন হয়েছে। গ্রামীণ অর্থনীতি এখন আগের চেয়ে অনেক শক্তিশালী। কৃষকরা ন্যায্য মূল্য পাচ্ছেন এবং নতুন প্রযুক্তি ব্যবহার করছেন। তরুণ প্রজন্মকে দক্ষ মানবসম্পদে পরিণত করতে বিভিন্ন প্রশিক্ষণ কর্মসূচি চালু রয়েছে। দেশের বিভিন্ন অঞ্চলে আজ বিভিন্ন কর্মসূচি পালিত হয়েছে। স্থানীয় প্রশাসনের উদ্যোগে আয়োজিত অনুষ্ঠানে বক্তারা বলেন, উন্নয়নের এই ধারা অব্যাহত রাখতে সবাইকে একসঙ্গে কাজ করতে হবে। জনগণের সেবা নিশ্চিত করতে সরকার সর্বদা সচেষ্ট রয়েছে। এ সময় বিভিন্ন শ্রেণি-পেশার মানুষ উপস্থিত ছিলেন। বক্তারা আরও বলেন, সুশাসন প্রতিষ্ঠা ও দুর্নীতি প্রতিরোধে সকলের সহযোগিতা প্রয়োজন। শিক্ষা, স্বাস্থ্য ও যোগাযোগ খাতে ব্যাপক উন্নয়ন হয়েছে। গ্রামীণ অর্থনীতি এখন আগের চেয়ে অনেক শক্তিশালী। কৃষকরা ন্যায্য মূল্য পাচ্ছেন এবং নতুন প্রযুক্তি ব্যবহার করছেন। তরুণ প্রজন্মকে দক্ষ মানবসম্পদে পরিণত করতে বিভিন্ন প্রশিক্ষণ কর্মসূচি চালু রয়েছে।
এসএসসি পরীক্ষায় প্রথম
এবার এসএসসিতে মোট পরীক্ষার্থী ১৩ লাখ ৮ হাজার ৮৮৮ জন। পরীক্ষার প্রথম দিনে অনুপস্থিত ছিল ১১ হাজার ৩৭২ জন। বহিষ্কার হয়েছে ১০ জন পরীক্ষার্থী।
আজ থেকে ইলিশ
মাছ ধরবেন। গত কয়েক মাস নিষেধাজ্ঞার পর আজ থেকে আবারও নদীতে ইলিশ ধরতে পারবেন জেলেরা। জেলেপল্লীতে উৎসবের আমেজ বিরাজ করছে। দেশের বিভিন্ন অঞ্চলে আজ বিভিন্ন কর্মসূচি পালিত হয়েছে। স্থানীয় প্রশাসনের উদ্যোগে আয়োজিত অনুষ্ঠানে বক্তারা বলেন, উন্নয়নের এই ধারা অব্যাহত রাখতে সবাইকে একসঙ্গে কাজ করতে হবে। জনগণের সেবা নিশ্চিত করতে সরকার সর্বদা সচেষ্ট রয়েছে। এ সময় বিভিন্ন শ্রেণি-পেশার মানুষ উপস্থিত ছিলেন। বক্তারা আরও বলেন, সুশাসন প্রতিষ্ঠা ও দুর্নীতি প্রতিরোধে সকলের সহযোগিতা প্রয়োজন। শিক্ষা, স্বাস্থ্য ও যোগাযোগ খাতে ব্যাপক উন্নয়ন হয়েছে। গ্রামীণ অর্থনীতি এখন আগের চেয়ে অনেক শক্তিশালী। কৃষকরা ন্যায্য মূল্য পাচ্ছেন এবং নতুন প্রযুক্তি ব্যবহার করছেন। তরুণ প্রজন্মকে দক্ষ মানবসম্পদে পরিণত করতে বিভিন্ন প্রশিক্ষণ কর্মসূচি চালু রয়েছে। দেশের বিভিন্ন অঞ্চলে আজ বিভিন্ন কর্মসূচি পালিত হয়েছে। স্থানীয় প্রশাসনের উদ্যোগে আয়োজিত অনুষ্ঠানে বক্তারা বলেন, উন্নয়নের এই ধারা অব্যাহত রাখতে সবাইকে একসঙ্গে কাজ করতে হবে। জনগণের সেবা নিশ্চিত করতে সরকার সর্বদা সচেষ্ট রয়েছে। এ সময় বিভিন্ন শ্রেণি-পেশার মানুষ উপস্থিত ছিলেন। বক্তারা আরও বলেন, সুশাসন প্রতিষ্ঠা ও দুর্নীতি প্রতিরোধে সকলের সহযোগিতা প্রয়োজন। শিক্ষা, স্বাস্থ্য ও যোগাযোগ খাতে ব্যাপক উন্নয়ন হয়েছে। গ্রামীণ অর্থনীতি এখন আগের চেয়ে অনেক শক্তিশালী। কৃষকরা ন্যায্য মূল্য পাচ্ছেন এবং নতুন প্রযুক্তি ব্যবহার করছেন। তরুণ প্রজন্মকে দক্ষ মানবসম্পদে পরিণত করতে বিভিন্ন প্রশিক্ষণ কর্মসূচি চালু রয়েছে।
মা ছাড়া গ্রামের প্রবাসী আয়োজনে বিশিষ্ট ব্যবসায়ী ৪৫ লাখ টাকা অনুদান দিয়েছেন। এলাকাবাসী এ উদ্যোগকে স্বাগত জানিয়েছেন। দেশের বিভিন্ন অঞ্চলে আজ বিভিন্ন কর্মসূচি পালিত হয়েছে। স্থানীয় প্রশাসনের উদ্যোগে আয়োজিত অনুষ্ঠানে বক্তারা বলেন, উন্নয়নের এই ধারা অব্যাহত রাখতে সবাইকে একসঙ্গে কাজ করতে হবে। জনগণের সেবা নিশ্চিত করতে সরকার সর্বদা সচেষ্ট রয়েছে। এ সময় বিভিন্ন শ্রেণি-পেশার মানুষ উপস্থিত ছিলেন। বক্তারা আরও বলেন, সুশাসন প্রতিষ্ঠা ও দুর্নীতি প্রতিরোধে সকলের সহযোগিতা প্রয়োজন। শিক্ষা, স্বাস্থ্য ও যোগাযোগ খাতে ব্যাপক উন্নয়ন হয়েছে। গ্রামীণ অর্থনীতি এখন আগের চেয়ে অনেক শক্তিশালী। কৃষকরা ন্যায্য মূল্য পাচ্ছেন এবং নতুন প্রযুক্তি ব্যবহার করছেন। তরুণ প্রজন্মকে দক্ষ মানবসম্পদে পরিণত করতে বিভিন্ন প্রশিক্ষণ কর্মসূচি চালু রয়েছে।
মেট্রোরেল স্টেশনে চালু
এমআরটি-৬ -এর আওতায় সব মেট্রোরেল স্টেশনে সুবিধাদি চালু করতে উদ্যোগ নিয়েছে কর্তৃপক্ষ। যাত্রীদের সুবিধার্থে বিভিন্ন স্টেশনে নতুন সেবা চালু হয়েছে। দেশের বিভিন্ন অঞ্চলে আজ বিভিন্ন কর্মসূচি পালিত হয়েছে। স্থানীয় প্রশাসনের উদ্যোগে আয়োজিত অনুষ্ঠানে বক্তারা বলেন, উন্নয়নের এই ধারা অব্যাহত রাখতে সবাইকে একসঙ্গে কাজ করতে হবে। জনগণের সেবা নিশ্চিত করতে সরকার সর্বদা সচেষ্ট রয়েছে। এ সময় বিভিন্ন শ্রেণি-পেশার মানুষ উপস্থিত ছিলেন। বক্তারা আরও বলেন, সুশাসন প্রতিষ্ঠা ও দুর্নীতি প্রতিরোধে সকলের সহযোগিতা প্রয়োজন। শিক্ষা, স্বাস্থ্য ও যোগাযোগ খাতে ব্যাপক উন্নয়ন হয়েছে। গ্রামীণ অর্থনীতি এখন আগের চেয়ে অনেক শক্তিশালী। কৃষকরা ন্যায্য মূল্য পাচ্ছেন এবং নতুন প্রযুক্তি ব্যবহার করছেন। তরুণ প্রজন্মকে দক্ষ মানবসম্পদে পরিণত করতে বিভিন্ন প্রশিক্ষণ কর্মসূচি চালু রয়েছে। দেশের বিভিন্ন অঞ্চলে আজ বিভিন্ন কর্মসূচি পালিত হয়েছে। স্থানীয় প্রশাসনের উদ্যোগে আয়োজিত অনুষ্ঠানে বক্তারা বলেন, উন্নয়নের এই ধারা অব্যাহত রাখতে সবাইকে একসঙ্গে কাজ করতে হবে। জনগণের সেবা নিশ্চিত করতে সরকার সর্বদা সচেষ্ট রয়েছে। এ সময় বিভিন্ন শ্রেণি-পেশার মানুষ উপস্থিত ছিলেন। বক্তারা আরও বলেন, সুশাসন প্রতিষ্ঠা ও দুর্নীতি প্রতিরোধে সকলের সহযোগিতা প্রয়োজন। শিক্ষা, স্বাস্থ্য ও যোগাযোগ খাতে ব্যাপক উন্নয়ন হয়েছে। গ্রামীণ অর্থনীতি এখন আগের চেয়ে অনেক শক্তিশালী। কৃষকরা ন্যায্য মূল্য পাচ্ছেন এবং নতুন প্রযুক্তি ব্যবহার করছেন। তরুণ প্রজন্মকে দক্ষ মানবসম্পদে পরিণত করতে বিভিন্ন প্রশিক্ষণ কর্মসূচি চালু রয়েছে।
৩ দিনের রিমান্ড শেষে
বাঁশখালী মোল্লা দিয়েছিলেন। মামলার তদন্তকারী কর্মকর্তা আসামিকে তিন দিনের রিমান্ড শেষে আদালতে হাজির করেন। দেশের বিভিন্ন অঞ্চলে আজ বিভিন্ন কর্মসূচি পালিত হয়েছে। স্থানীয় প্রশাসনের উদ্যোগে আয়োজিত অনুষ্ঠানে বক্তারা বলেন, উন্নয়নের এই ধারা অব্যাহত রাখতে সবাইকে একসঙ্গে কাজ করতে হবে। জনগণের সেবা নিশ্চিত করতে সরকার সর্বদা সচেষ্ট রয়েছে। এ সময় বিভিন্ন শ্রেণি-পেশার মানুষ উপস্থিত ছিলেন। বক্তারা আরও বলেন, সুশাসন প্রতিষ্ঠা ও দুর্নীতি প্রতিরোধে সকলের সহযোগিতা প্রয়োজন। শিক্ষা, স্বাস্থ্য ও যোগাযোগ খাতে ব্যাপক উন্নয়ন হয়েছে। গ্রামীণ অর্থনীতি এখন আগের চেয়ে অনেক শক্তিশালী। কৃষকরা ন্যায্য মূল্য পাচ্ছেন এবং নতুন প্রযুক্তি ব্যবহার করছেন। তরুণ প্রজন্মকে দক্ষ মানবসম্পদে পরিণত করতে বিভিন্ন প্রশিক্ষণ কর্মসূচি চালু রয়েছে।
ঈদযাত্রায় রেলের আয়
সাহাবাত আলী। এবারের ঈদযাত্রায় রেলের আয় গত বছরের তুলনায় বেড়েছে বলে জানিয়েছে রেলওয়ে কর্তৃপক্ষ।
পরীক্ষায় পাশের জন্যে শিক্ষার্থীরা ছুটে যান হযরত মিসকিন শাহের মাজারে!
মোহাম্মদ সালাউদ্দিন মোস্তফা, চট্টগ্রাম
এসএসসি পরীক্ষা শুরুর আগে হযরত মিসকিন শাহের মাজারে শিক্ষার্থীদের ভিড় দেখা যায়। পরীক্ষায় ভালো ফলাফলের আশায় তারা দোয়া চাইতে আসেন। দেশের বিভিন্ন অঞ্চলে আজ বিভিন্ন কর্মসূচি পালিত হয়েছে। স্থানীয় প্রশাসনের উদ্যোগে আয়োজিত অনুষ্ঠানে বক্তারা বলেন, উন্নয়নের এই ধারা অব্যাহত রাখতে সবাইকে একসঙ্গে কাজ করতে হবে। জনগণের সেবা নিশ্চিত করতে সরকার সর্বদা সচেষ্ট রয়েছে। এ সময় বিভিন্ন শ্রেণি-পেশার মানুষ উপস্থিত ছিলেন। বক্তারা আরও বলেন, সুশাসন প্রতিষ্ঠা ও দুর্নীতি প্রতিরোধে সকলের সহযোগিতা প্রয়োজন। শিক্ষা, স্বাস্থ্য ও যোগাযোগ খাতে ব্যাপক উন্নয়ন হয়েছে। গ্রামীণ অর্থনীতি এখন আগের চেয়ে অনেক শক্তিশালী। কৃষকরা ন্যায্য মূল্য পাচ্ছেন এবং নতুন প্রযুক্তি ব্যবহার করছেন। তরুণ প্রজন্মকে দক্ষ মানবসম্পদে পরিণত করতে বিভিন্ন প্রশিক্ষণ কর্মসূচি চালু রয়েছে। দেশের বিভিন্ন অঞ্চলে আজ বিভিন্ন কর্মসূচি পালিত হয়েছে। স্থানীয় প্রশাসনের উদ্যোগে আয়োজিত অনুষ্ঠানে বক্তারা বলেন, উন্নয়নের এই ধারা অব্যাহত রাখতে সবাইকে একসঙ্গে কাজ করতে হবে। জনগণের সেবা নিশ্চিত করতে সরকার সর্বদা সচেষ্ট রয়েছে। এ সময় বিভিন্ন শ্রেণি-পেশার মানুষ উপস্থিত ছিলেন। বক্তারা আরও বলেন, সুশাসন প্রতিষ্ঠা ও দুর্নীতি প্রতিরোধে সকলের সহযোগিতা প্রয়োজন। শিক্ষা, স্বাস্থ্য ও যোগাযোগ খাতে ব্যাপক উন্নয়ন হয়েছে। গ্রামীণ অর্থনীতি এখন আগের চেয়ে অনেক শক্তিশালী। কৃষকরা ন্যায্য মূল্য পাচ্ছেন এবং নতুন প্রযুক্তি ব্যবহার করছেন। তরুণ প্রজন্মকে দক্ষ মানবসম্পদে পরিণত করতে বিভিন্ন প্রশিক্ষণ কর্মসূচি চালু রয়েছে।
শাহ আমানত সেতু টোল প্লাজা এলাকায় সড়ক দুর্ঘটনা, আহত ১
চট্টগ্রাম ব্যুরো
চট্টগ্রামের কর্ণফুলী শাহ আমানত সেতু টোল প্লাজা এলাকায় সড়ক দুর্ঘটনায় একজন আহত হয়েছেন। আহত ব্যক্তিকে চট্টগ্রাম মেডিকেল কলেজ হাসপাতালে ভর্তি করা হয়েছে। দেশের বিভিন্ন অঞ্চলে আজ বিভিন্ন কর্মসূচি পালিত হয়েছে। স্থানীয় প্রশাসনের উদ্যোগে আয়োজিত অনুষ্ঠানে বক্তারা বলেন, উন্নয়নের এই ধারা অব্যাহত রাখতে সবাইকে একসঙ্গে কাজ করতে হবে। জনগণের সেবা নিশ্চিত করতে সরকার সর্বদা সচেষ্ট রয়েছে। এ সময় বিভিন্ন শ্রেণি-পেশার মানুষ উপস্থিত ছিলেন। বক্তারা আরও বলেন, সুশাসন প্রতিষ্ঠা ও দুর্নীতি প্রতিরোধে সকলের সহযোগিতা প্রয়োজন। শিক্ষা, স্বাস্থ্য ও যোগাযোগ খাতে ব্যাপক উন্নয়ন হয়েছে। গ্রামীণ অর্থনীতি এখন আগের চেয়ে অনেক শক্তিশালী। কৃষকরা ন্যায্য মূল্য পাচ্ছেন এবং নতুন প্রযুক্তি ব্যবহার করছেন। তরুণ প্রজন্মকে দক্ষ মানবসম্পদে পরিণত করতে বিভিন্ন প্রশিক্ষণ কর্মসূচি চালু রয়েছে।
হারিয়েছে
আমার এইচ.এস.সি পরীক্ষার মূল মার্কশীট ও সনদ হারিয়ে গেছে। রোল নং- ৫৩৫৬২১, রেজিঃ নং- ৩৩২৩৯, শিক্ষাবর্ষ- ১৯৯২, কুমিল্লা শিক্ষা বোর্ড।
- মোহাম্মদ ফেরদৌস।
হারিয়েছে
আমার জে.এস.সি, এস.এস.সি ও এইচ.এস.সি পরীক্ষার সনদপত্র হারিয়ে গেছে। রোল নং- ৩৩৫৪৪৬, ৫১৩২৩, রেজিঃ নং- ১৬১১৫৫৯৪, শিক্ষাবর্ষ- ২০১৯-২০২০।
- মোঃ আরমান।
